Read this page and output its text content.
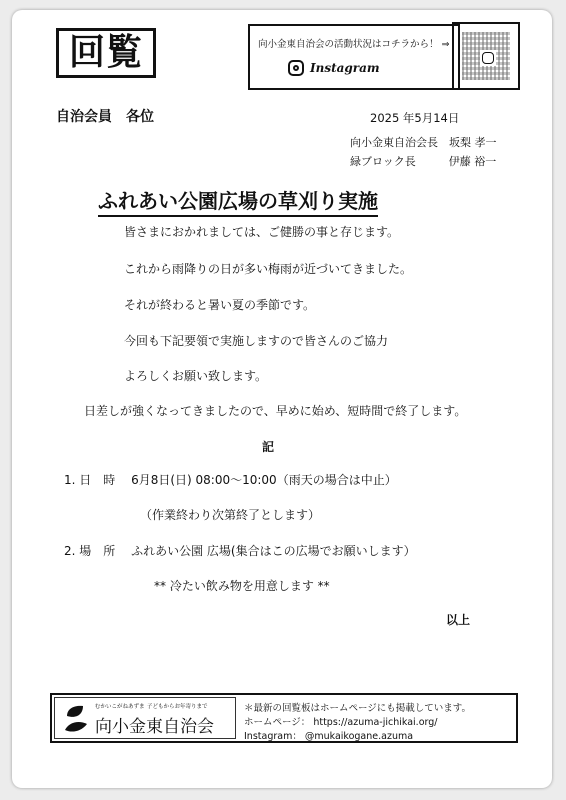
回覧	向小金東自治会の活動状況はコチラから！ ⇒
Instagram
自治会員　各位	2025 年5月14日
向小金東自治会長　坂梨 孝一
緑ブロック長　　　伊藤 裕一
ふれあい公園広場の草刈り実施
皆さまにおかれましては、ご健勝の事と存じます。
これから雨降りの日が多い梅雨が近づいてきました。
それが終わると暑い夏の季節です。
今回も下記要領で実施しますので皆さんのご協力
よろしくお願い致します。
日差しが強くなってきましたので、早めに始め、短時間で終了します。
記
1. 日　時　 6月8日(日) 08:00～10:00（雨天の場合は中止）
（作業終わり次第終了とします）
2. 場　所　 ふれあい公園 広場(集合はこの広場でお願いします）
** 冷たい飲み物を用意します **
以上
むかいこがねあずま 子どもからお年寄りまで
向小金東自治会
＊最新の回覧板はホームページにも掲載しています。
ホームページ： https://azuma-jichikai.org/
Instagram： @mukaikogane.azuma
